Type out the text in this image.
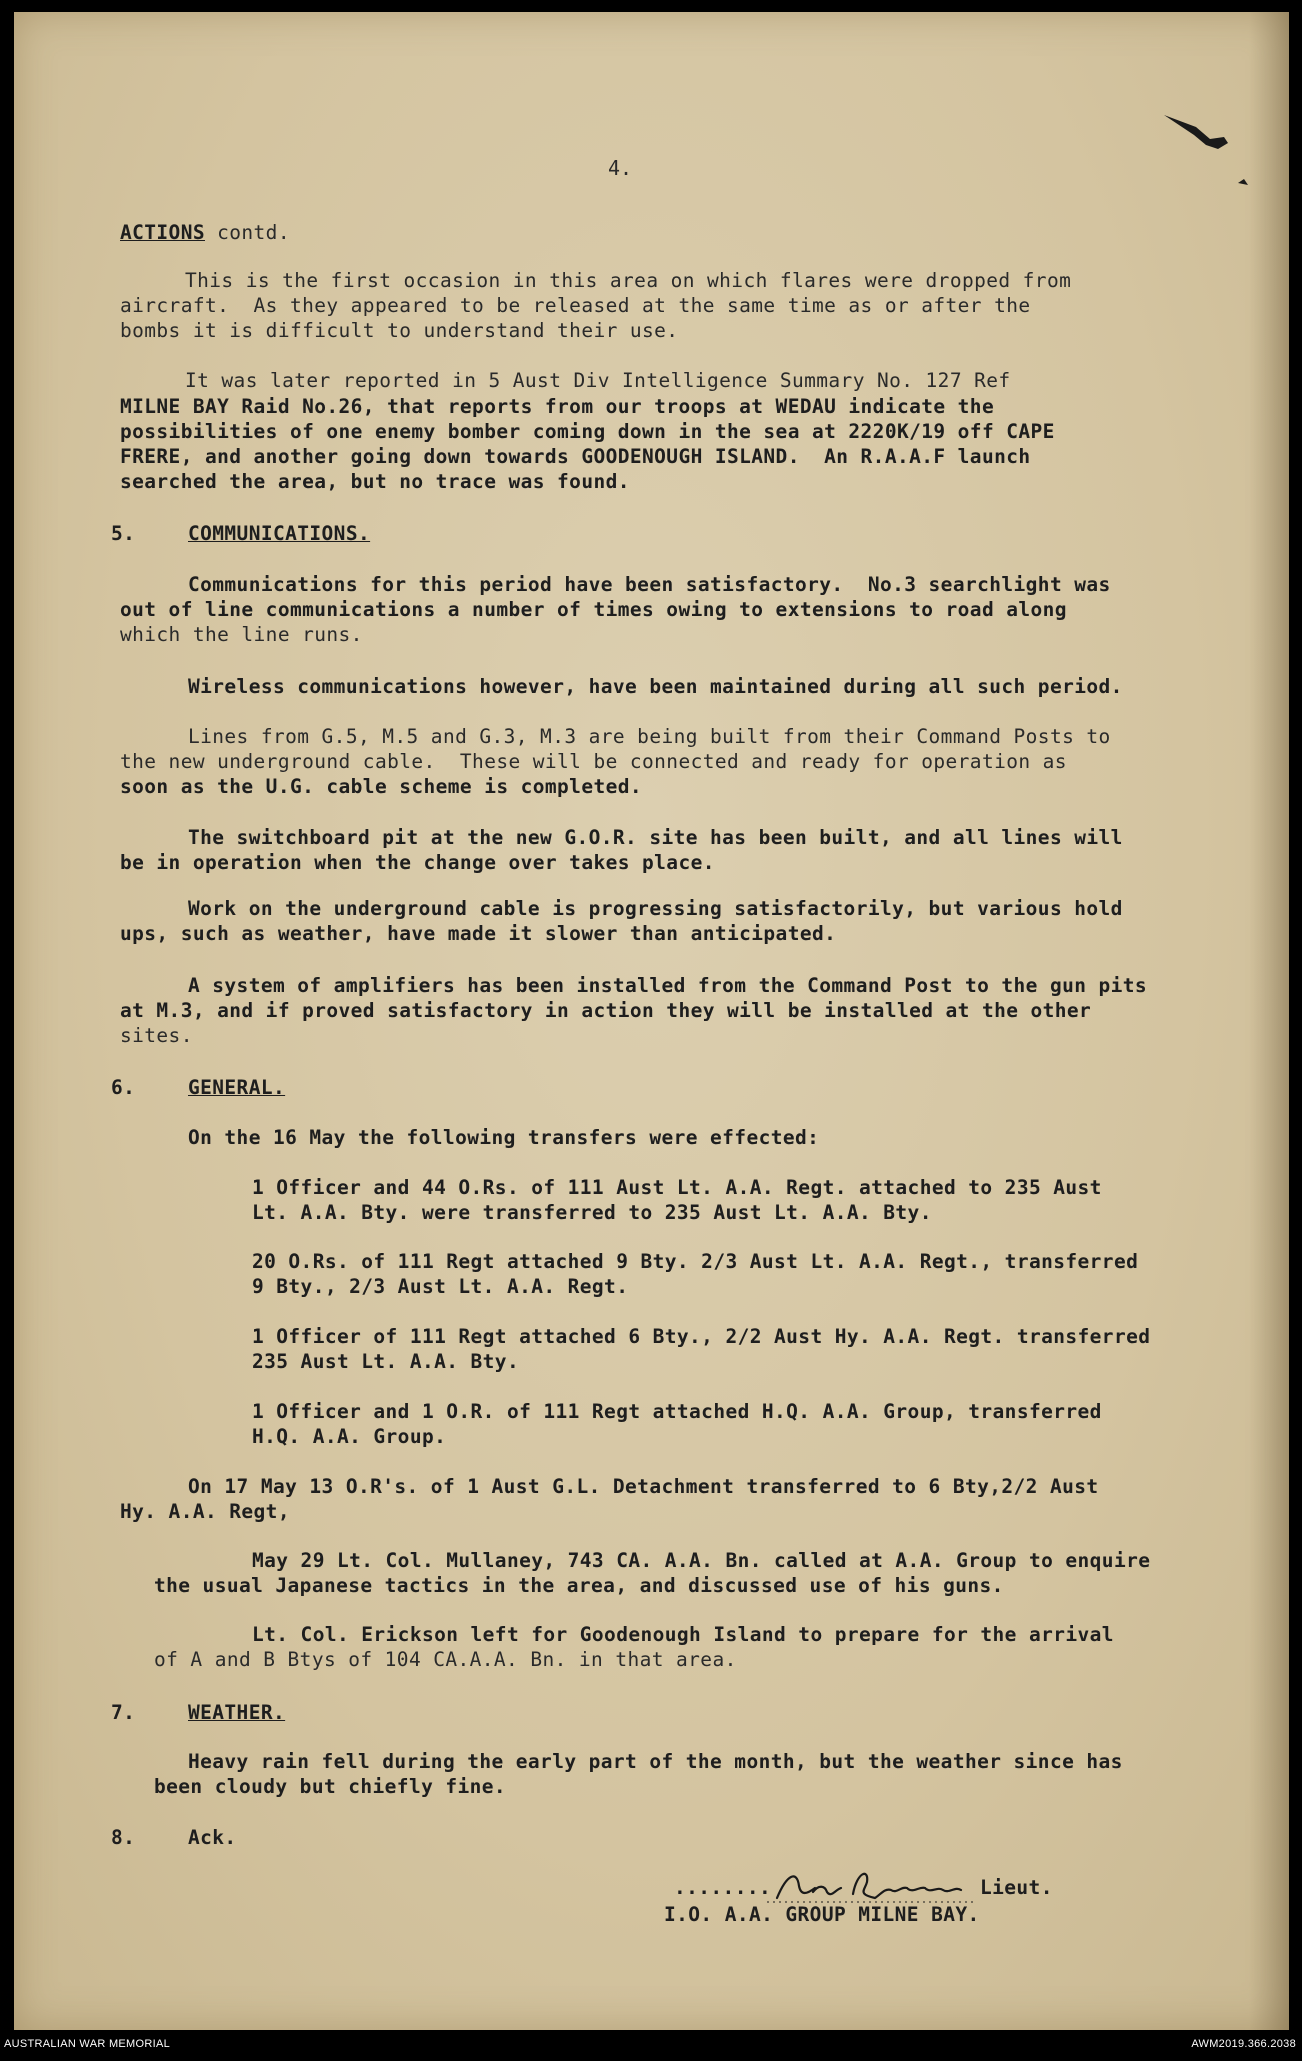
4.
ACTIONS contd.
This is the first occasion in this area on which flares were dropped from
aircraft.  As they appeared to be released at the same time as or after the
bombs it is difficult to understand their use.
It was later reported in 5 Aust Div Intelligence Summary No. 127 Ref
MILNE BAY Raid No.26, that reports from our troops at WEDAU indicate the
possibilities of one enemy bomber coming down in the sea at 2220K/19 off CAPE
FRERE, and another going down towards GOODENOUGH ISLAND.  An R.A.A.F launch
searched the area, but no trace was found.
5.	COMMUNICATIONS.
Communications for this period have been satisfactory.  No.3 searchlight was
out of line communications a number of times owing to extensions to road along
which the line runs.
Wireless communications however, have been maintained during all such period.
Lines from G.5, M.5 and G.3, M.3 are being built from their Command Posts to
the new underground cable.  These will be connected and ready for operation as
soon as the U.G. cable scheme is completed.
The switchboard pit at the new G.O.R. site has been built, and all lines will
be in operation when the change over takes place.
Work on the underground cable is progressing satisfactorily, but various hold
ups, such as weather, have made it slower than anticipated.
A system of amplifiers has been installed from the Command Post to the gun pits
at M.3, and if proved satisfactory in action they will be installed at the other
sites.
6.	GENERAL.
On the 16 May the following transfers were effected:
1 Officer and 44 O.Rs. of 111 Aust Lt. A.A. Regt. attached to 235 Aust
Lt. A.A. Bty. were transferred to 235 Aust Lt. A.A. Bty.
20 O.Rs. of 111 Regt attached 9 Bty. 2/3 Aust Lt. A.A. Regt., transferred
9 Bty., 2/3 Aust Lt. A.A. Regt.
1 Officer of 111 Regt attached 6 Bty., 2/2 Aust Hy. A.A. Regt. transferred
235 Aust Lt. A.A. Bty.
1 Officer and 1 O.R. of 111 Regt attached H.Q. A.A. Group, transferred
H.Q. A.A. Group.
On 17 May 13 O.R's. of 1 Aust G.L. Detachment transferred to 6 Bty,2/2 Aust
Hy. A.A. Regt,
May 29 Lt. Col. Mullaney, 743 CA. A.A. Bn. called at A.A. Group to enquire
the usual Japanese tactics in the area, and discussed use of his guns.
Lt. Col. Erickson left for Goodenough Island to prepare for the arrival
of A and B Btys of 104 CA.A.A. Bn. in that area.
7.	WEATHER.
Heavy rain fell during the early part of the month, but the weather since has
been cloudy but chiefly fine.
8.	Ack.
........	Lieut.
I.O. A.A. GROUP MILNE BAY.
AUSTRALIAN WAR MEMORIAL	AWM2019.366.2038
